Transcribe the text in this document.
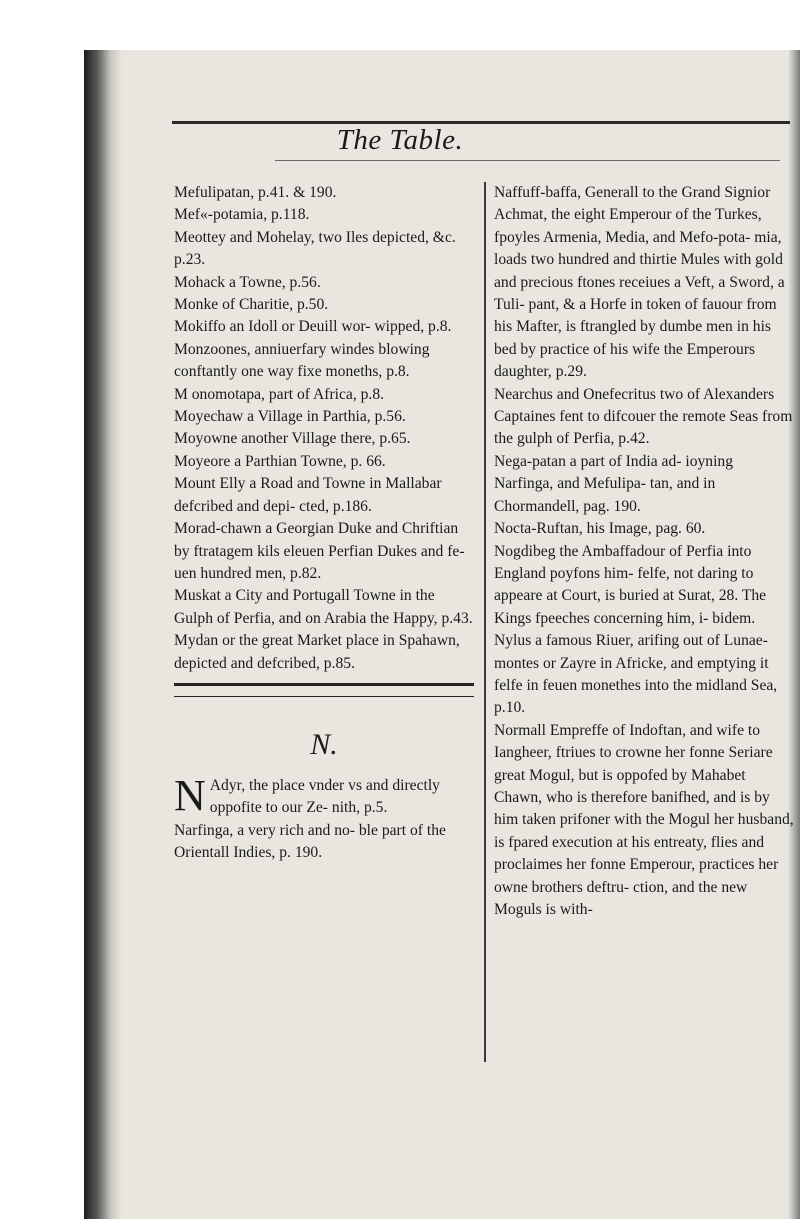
The Table.

Mefulipatan, p.41. & 190.

Mef«-potamia, p.118.

Meottey and Mohelay, two Iles depicted, &c. p.23.

Mohack a Towne, p.56.

Monke of Charitie, p.50.

Mokiffo an Idoll or Deuill wor- wipped, p.8.

Monzoones, anniuerfary windes blowing conftantly one way fixe moneths, p.8.

M onomotapa, part of Africa, p.8.

Moyechaw a Village in Parthia, p.56.

Moyowne another Village there, p.65.

Moyeore a Parthian Towne, p. 66.

Mount Elly a Road and Towne in Mallabar defcribed and depi- cted, p.186.

Morad-chawn a Georgian Duke and Chriftian by ftratagem kils eleuen Perfian Dukes and fe- uen hundred men, p.82.

Muskat a City and Portugall Towne in the Gulph of Perfia, and on Arabia the Happy, p.43.

Mydan or the great Market place in Spahawn, depicted and defcribed, p.85.

N.

N Adyr, the place vnder vs and directly oppofite to our Ze- nith, p.5.

Narfinga, a very rich and no- ble part of the Orientall Indies, p. 190.

Naffuff-baffa, Generall to the Grand Signior Achmat, the eight Emperour of the Turkes, fpoyles Armenia, Media, and Mefo-pota- mia, loads two hundred and thirtie Mules with gold and precious ftones receiues a Veft, a Sword, a Tuli- pant, & a Horfe in token of fauour from his Mafter, is ftrangled by dumbe men in his bed by practice of his wife the Emperours daughter, p.29.

Nearchus and Onefecritus two of Alexanders Captaines fent to difcouer the remote Seas from the gulph of Perfia, p.42.

Nega-patan a part of India ad- ioyning Narfinga, and Mefulipa- tan, and in Chormandell, pag. 190.

Nocta-Ruftan, his Image, pag. 60.

Nogdibeg the Ambaffadour of Perfia into England poyfons him- felfe, not daring to appeare at Court, is buried at Surat, 28. The Kings fpeeches concerning him, i- bidem.

Nylus a famous Riuer, arifing out of Lunae-montes or Zayre in Africke, and emptying it felfe in feuen monethes into the midland Sea, p.10.

Normall Empreffe of Indoftan, and wife to Iangheer, ftriues to crowne her fonne Seriare great Mogul, but is oppofed by Mahabet Chawn, who is therefore banifhed, and is by him taken prifoner with the Mogul her husband, is fpared execution at his entreaty, flies and proclaimes her fonne Emperour, practices her owne brothers deftru- ction, and the new Moguls is with-
